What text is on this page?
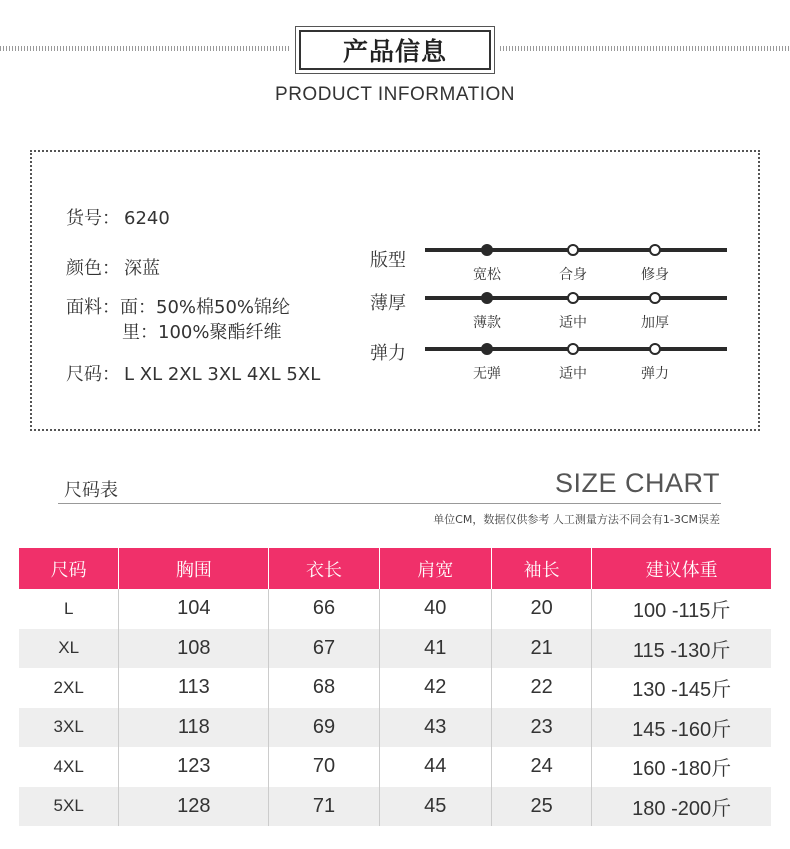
产品信息
PRODUCT INFORMATION
货号： 6240
颜色： 深蓝
面料：面：50%棉50%锦纶
里：100%聚酯纤维
尺码： L XL 2XL 3XL 4XL 5XL
版型
宽松	合身	修身
薄厚
薄款	适中	加厚
弹力
无弹	适中	弹力
尺码表	SIZE CHART
单位CM，数据仅供参考 人工测量方法不同会有1-3CM误差
尺码	胸围	衣长	肩宽	袖长	建议体重
L	104	66	40	20	100 -115斤
XL	108	67	41	21	115 -130斤
2XL	113	68	42	22	130 -145斤
3XL	118	69	43	23	145 -160斤
4XL	123	70	44	24	160 -180斤
5XL	128	71	45	25	180 -200斤
